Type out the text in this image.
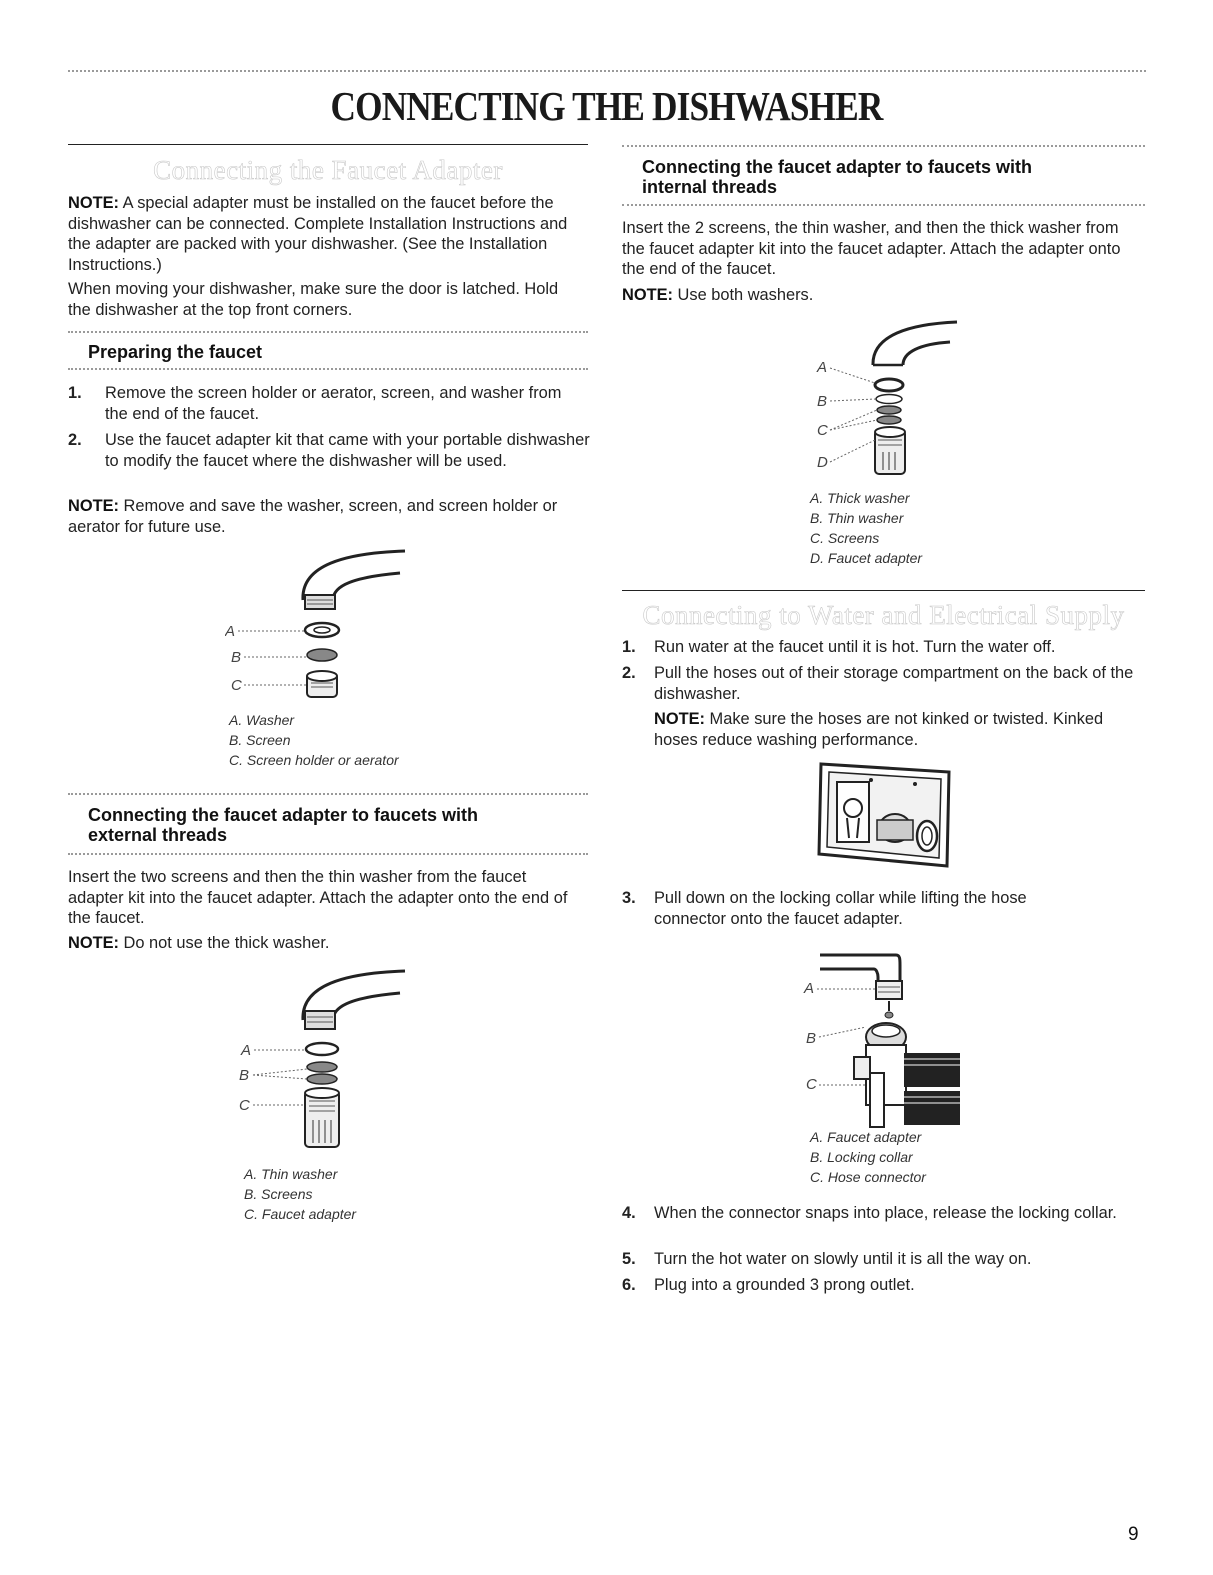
CONNECTING THE DISHWASHER
Connecting the Faucet Adapter

NOTE: A special adapter must be installed on the faucet before the dishwasher can be connected. Complete Installation Instructions and the adapter are packed with your dishwasher. (See the Installation Instructions.)

When moving your dishwasher, make sure the door is latched. Hold the dishwasher at the top front corners.

Preparing the faucet
1. Remove the screen holder or aerator, screen, and washer from the end of the faucet.
2. Use the faucet adapter kit that came with your portable dishwasher to modify the faucet where the dishwasher will be used.

NOTE: Remove and save the washer, screen, and screen holder or aerator for future use.

A
B
C
A. Washer
B. Screen
C. Screen holder or aerator
Connecting the faucet adapter to faucets with
external threads

Insert the two screens and then the thin washer from the faucet adapter kit into the faucet adapter. Attach the adapter onto the end of the faucet.

NOTE: Do not use the thick washer.

A
B
C
A. Thin washer
B. Screens
C. Faucet adapter
Connecting the faucet adapter to faucets with
internal threads

Insert the 2 screens, the thin washer, and then the thick washer from the faucet adapter kit into the faucet adapter. Attach the adapter onto the end of the faucet.

NOTE: Use both washers.

A
B
C
D
A. Thick washer
B. Thin washer
C. Screens
D. Faucet adapter
Connecting to Water and Electrical Supply
1. Run water at the faucet until it is hot. Turn the water off.
2. Pull the hoses out of their storage compartment on the back of the dishwasher.

NOTE: Make sure the hoses are not kinked or twisted. Kinked hoses reduce washing performance.

3. Pull down on the locking collar while lifting the hose connector onto the faucet adapter.
A
B
C
A. Faucet adapter
B. Locking collar
C. Hose connector
4. When the connector snaps into place, release the locking collar.
5. Turn the hot water on slowly until it is all the way on.
6. Plug into a grounded 3 prong outlet.
9
